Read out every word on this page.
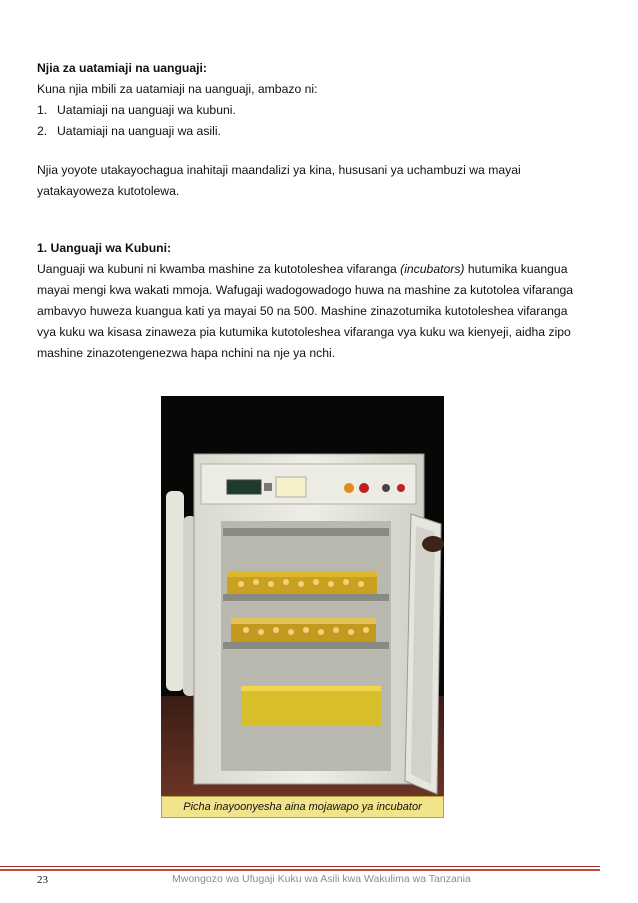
Njia za uatamiaji na uanguaji:

Kuna njia mbili za uatamiaji na uanguaji, ambazo ni:

1. Uatamiaji na uanguaji wa kubuni.
2. Uatamiaji na uanguaji wa asili.

Njia yoyote utakayochagua inahitaji maandalizi ya kina, hususani ya uchambuzi wa mayai
yatakayoweza kutotolewa.

1. Uanguaji wa Kubuni:

Uanguaji wa kubuni ni kwamba mashine za kutotoleshea vifaranga (incubators) hutumika kuangua
mayai mengi kwa wakati mmoja. Wafugaji wadogowadogo huwa na mashine za kutotolea vifaranga
ambavyo huweza kuangua kati ya mayai 50 na 500. Mashine zinazotumika kutotoleshea vifaranga
vya kuku wa kisasa zinaweza pia kutumika kutotoleshea vifaranga vya kuku wa kienyeji, aidha zipo
mashine zinazotengenezwa hapa nchini na nje ya nchi.

Picha inayoonyesha aina mojawapo ya incubator
23	Mwongozo wa Ufugaji Kuku wa Asili kwa Wakulima wa Tanzania
